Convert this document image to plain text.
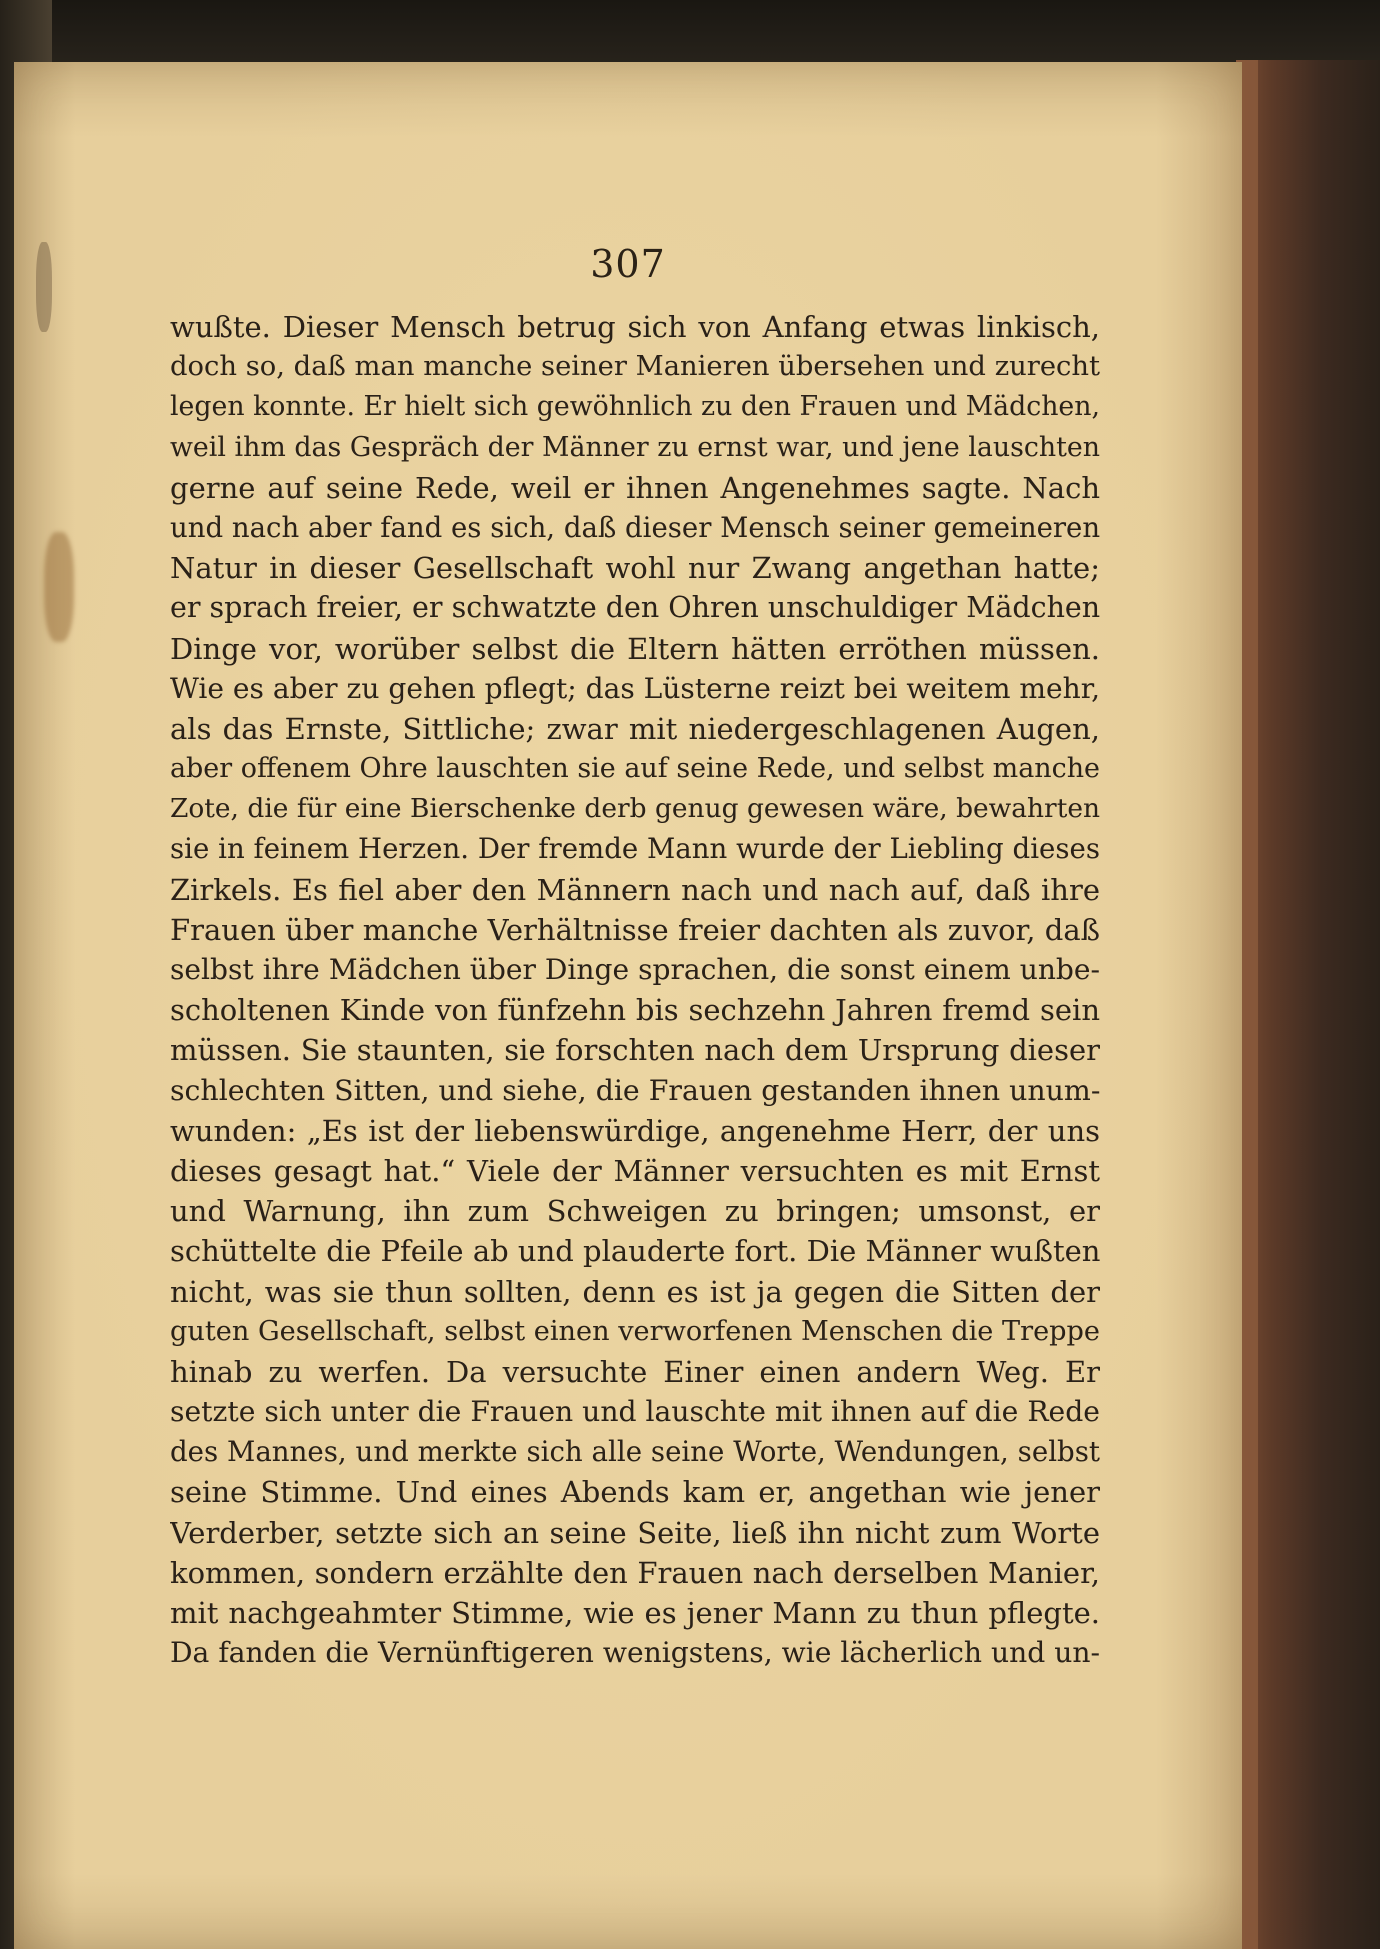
307
wußte. Dieser Mensch betrug sich von Anfang etwas linkisch,
doch so, daß man manche seiner Manieren übersehen und zurecht
legen konnte. Er hielt sich gewöhnlich zu den Frauen und Mädchen,
weil ihm das Gespräch der Männer zu ernst war, und jene lauschten
gerne auf seine Rede, weil er ihnen Angenehmes sagte. Nach
und nach aber fand es sich, daß dieser Mensch seiner gemeineren
Natur in dieser Gesellschaft wohl nur Zwang angethan hatte;
er sprach freier, er schwatzte den Ohren unschuldiger Mädchen
Dinge vor, worüber selbst die Eltern hätten erröthen müssen.
Wie es aber zu gehen pflegt; das Lüsterne reizt bei weitem mehr,
als das Ernste, Sittliche; zwar mit niedergeschlagenen Augen,
aber offenem Ohre lauschten sie auf seine Rede, und selbst manche
Zote, die für eine Bierschenke derb genug gewesen wäre, bewahrten
sie in feinem Herzen. Der fremde Mann wurde der Liebling dieses
Zirkels. Es fiel aber den Männern nach und nach auf, daß ihre
Frauen über manche Verhältnisse freier dachten als zuvor, daß
selbst ihre Mädchen über Dinge sprachen, die sonst einem unbe-
scholtenen Kinde von fünfzehn bis sechzehn Jahren fremd sein
müssen. Sie staunten, sie forschten nach dem Ursprung dieser
schlechten Sitten, und siehe, die Frauen gestanden ihnen unum-
wunden: „Es ist der liebenswürdige, angenehme Herr, der uns
dieses gesagt hat.“ Viele der Männer versuchten es mit Ernst
und Warnung, ihn zum Schweigen zu bringen; umsonst, er
schüttelte die Pfeile ab und plauderte fort. Die Männer wußten
nicht, was sie thun sollten, denn es ist ja gegen die Sitten der
guten Gesellschaft, selbst einen verworfenen Menschen die Treppe
hinab zu werfen. Da versuchte Einer einen andern Weg. Er
setzte sich unter die Frauen und lauschte mit ihnen auf die Rede
des Mannes, und merkte sich alle seine Worte, Wendungen, selbst
seine Stimme. Und eines Abends kam er, angethan wie jener
Verderber, setzte sich an seine Seite, ließ ihn nicht zum Worte
kommen, sondern erzählte den Frauen nach derselben Manier,
mit nachgeahmter Stimme, wie es jener Mann zu thun pflegte.
Da fanden die Vernünftigeren wenigstens, wie lächerlich und un-
